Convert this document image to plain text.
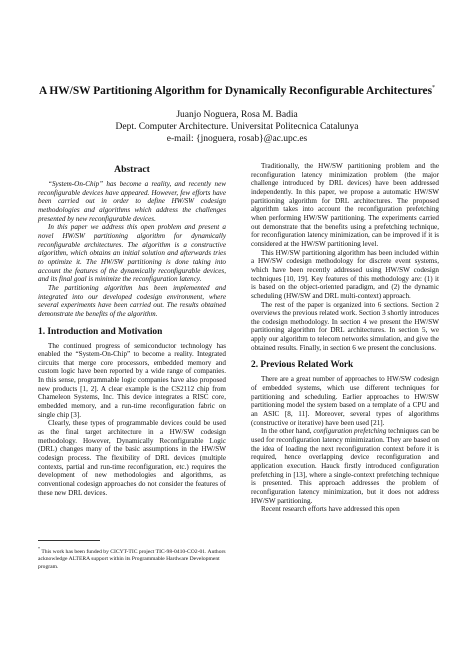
A HW/SW Partitioning Algorithm for Dynamically Reconfigurable Architectures*
Juanjo Noguera, Rosa M. Badia
Dept. Computer Architecture. Universitat Politecnica Catalunya
e-mail: {jnoguera, rosab}@ac.upc.es
Abstract

“System-On-Chip” has become a reality, and recently new reconfigurable devices have appeared. However, few efforts have been carried out in order to define HW/SW codesign methodologies and algorithms which address the challenges presented by new reconfigurable devices.

In this paper we address this open problem and present a novel HW/SW partitioning algorithm for dynamically reconfigurable architectures. The algorithm is a constructive algorithm, which obtains an initial solution and afterwards tries to optimize it. The HW/SW partitioning is done taking into account the features of the dynamically reconfigurable devices, and its final goal is minimize the reconfiguration latency.

The partitioning algorithm has been implemented and integrated into our developed codesign environment, where several experiments have been carried out. The results obtained demonstrate the benefits of the algorithm.

1. Introduction and Motivation

The continued progress of semiconductor technology has enabled the “System-On-Chip” to become a reality. Integrated circuits that merge core processors, embedded memory and custom logic have been reported by a wide range of companies. In this sense, programmable logic companies have also proposed new products [1, 2]. A clear example is the CS2112 chip from Chameleon Systems, Inc. This device integrates a RISC core, embedded memory, and a run-time reconfiguration fabric on single chip [3].

Clearly, these types of programmable devices could be used as the final target architecture in a HW/SW codesign methodology. However, Dynamically Reconfigurable Logic (DRL) changes many of the basic assumptions in the HW/SW codesign process. The flexibility of DRL devices (multiple contexts, partial and run-time reconfiguration, etc.) requires the development of new methodologies and algorithms, as conventional codesign approaches do not consider the features of these new DRL devices.

* This work has been funded by CICYT-TIC project TIC-98-0410-CO2-01. Authors acknowledge ALTERA support within its Programmable Hardware Development program.

Traditionally, the HW/SW partitioning problem and the reconfiguration latency minimization problem (the major challenge introduced by DRL devices) have been addressed independently. In this paper, we propose a automatic HW/SW partitioning algorithm for DRL architectures. The proposed algorithm takes into account the reconfiguration prefetching when performing HW/SW partitioning. The experiments carried out demonstrate that the benefits using a prefetching technique, for reconfiguration latency minimization, can be improved if it is considered at the HW/SW partitioning level.

This HW/SW partitioning algorithm has been included within a HW/SW codesign methodology for discrete event systems, which have been recently addressed using HW/SW codesign techniques [10, 19]. Key features of this methodology are: (1) it is based on the object-oriented paradigm, and (2) the dynamic scheduling (HW/SW and DRL multi-context) approach.

The rest of the paper is organized into 6 sections. Section 2 overviews the previous related work. Section 3 shortly introduces the codesign methodology. In section 4 we present the HW/SW partitioning algorithm for DRL architectures. In section 5, we apply our algorithm to telecom networks simulation, and give the obtained results. Finally, in section 6 we present the conclusions.

2. Previous Related Work

There are a great number of approaches to HW/SW codesign of embedded systems, which use different techniques for partitioning and scheduling. Earlier approaches to HW/SW partitioning model the system based on a template of a CPU and an ASIC [8, 11]. Moreover, several types of algorithms (constructive or iterative) have been used [21].

In the other hand, configuration prefetching techniques can be used for reconfiguration latency minimization. They are based on the idea of loading the next reconfiguration context before it is required, hence overlapping device reconfiguration and application execution. Hauck firstly introduced configuration prefetching in [13], where a single-context prefetching technique is presented. This approach addresses the problem of reconfiguration latency minimization, but it does not address HW/SW partitioning.

Recent research efforts have addressed this open
